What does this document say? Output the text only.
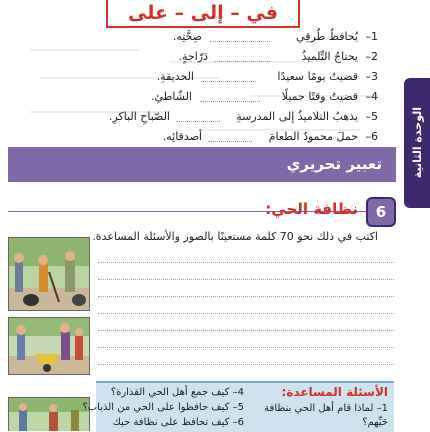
في – إلى – على
1–
يُحافظُ طُرقِي
صِحَّتِه.
2–
يحتاجُ التِّلميذُ
دَرّاجةٍ.
3–
قضيتُ يومًا سعيدًا
الحديقةِ.
4–
قضيتُ وقتًا جميلًا
الشّاطئِ.
5–
يذهبُ التلاميذُ إلى المدرسةِ
الصّباحِ الباكرِ.
6–
حملَ محمودٌ الطعامَ
أصدقائِه.	الوحدة الثانية
تعبير تحريري
6
نظافة الحي:
اكتب في ذلك نحو 70 كلمة مستعينًا بالصور والأسئلة المساعدة.
الأسئلة المساعدة:
1– لماذا قام أهل الحي بنظافة
حَيِّهم؟
4– كيف جمع أهل الحي القذارة؟
5– كيف حافظوا على الحي من الذباب؟
6– كيف تحافظ على نظافة حيك
